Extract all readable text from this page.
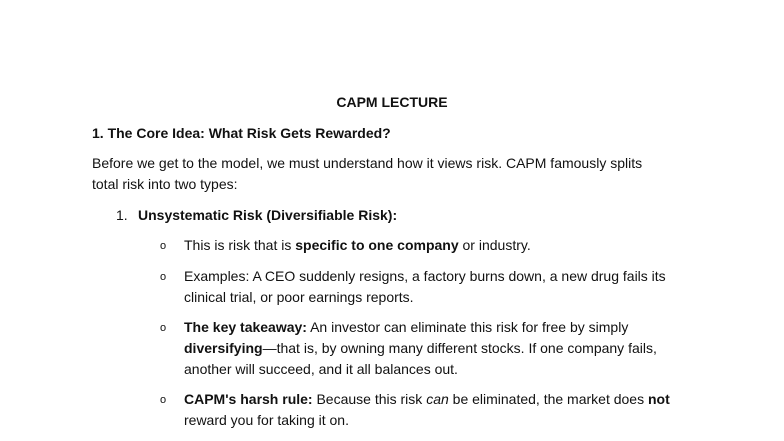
CAPM LECTURE
1. The Core Idea: What Risk Gets Rewarded?
Before we get to the model, we must understand how it views risk. CAPM famously splits total risk into two types:
1. Unsystematic Risk (Diversifiable Risk):
o This is risk that is specific to one company or industry.
o Examples: A CEO suddenly resigns, a factory burns down, a new drug fails its clinical trial, or poor earnings reports.
o The key takeaway: An investor can eliminate this risk for free by simply diversifying—that is, by owning many different stocks. If one company fails, another will succeed, and it all balances out.
o CAPM's harsh rule: Because this risk can be eliminated, the market does not reward you for taking it on.
